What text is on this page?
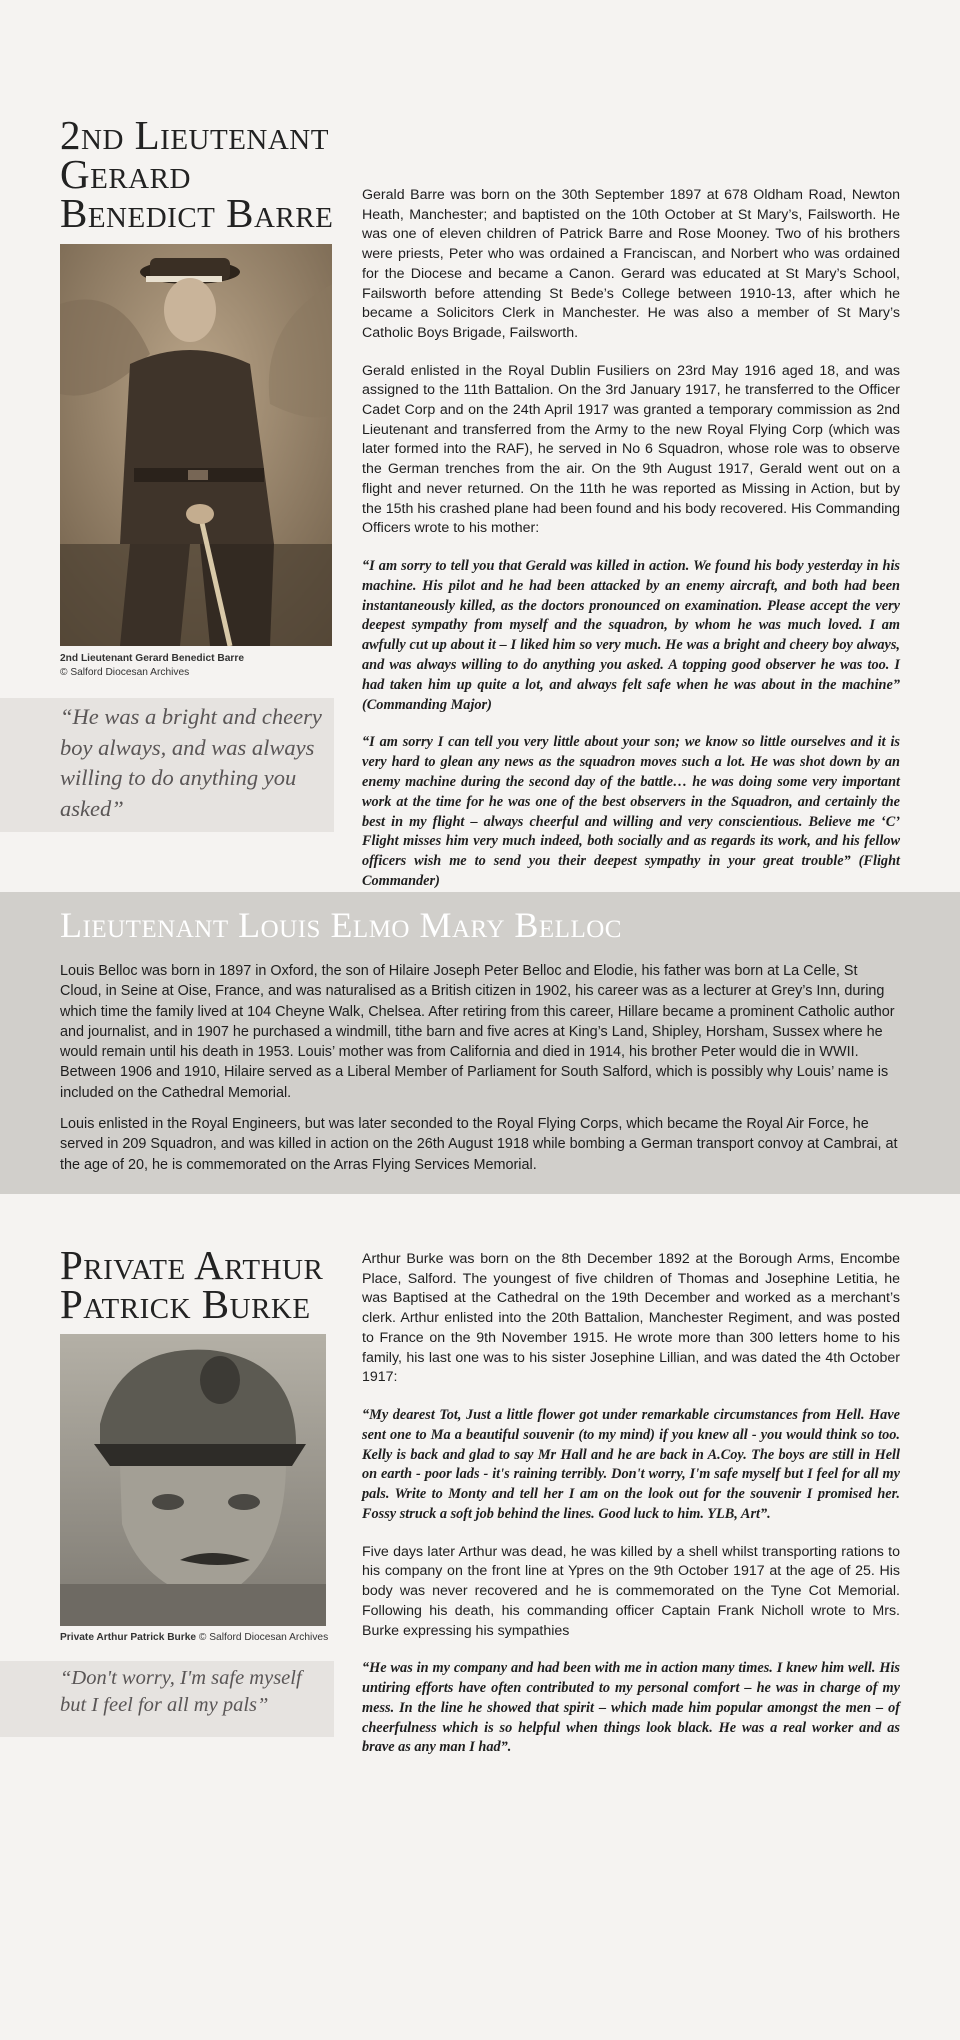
2nd Lieutenant
Gerard
Benedict Barre

2nd Lieutenant Gerard Benedict Barre
© Salford Diocesan Archives

“He was a bright and cheery boy always, and was always willing to do anything you asked”

Gerald Barre was born on the 30th September 1897 at 678 Oldham Road, Newton Heath, Manchester; and baptisted on the 10th October at St Mary’s, Failsworth. He was one of eleven children of Patrick Barre and Rose Mooney. Two of his brothers were priests, Peter who was ordained a Franciscan, and Norbert who was ordained for the Diocese and became a Canon. Gerard was educated at St Mary’s School, Failsworth before attending St Bede’s College between 1910-13, after which he became a Solicitors Clerk in Manchester. He was also a member of St Mary’s Catholic Boys Brigade, Failsworth.

Gerald enlisted in the Royal Dublin Fusiliers on 23rd May 1916 aged 18, and was assigned to the 11th Battalion. On the 3rd January 1917, he transferred to the Officer Cadet Corp and on the 24th April 1917 was granted a temporary commission as 2nd Lieutenant and transferred from the Army to the new Royal Flying Corp (which was later formed into the RAF), he served in No 6 Squadron, whose role was to observe the German trenches from the air. On the 9th August 1917, Gerald went out on a flight and never returned. On the 11th he was reported as Missing in Action, but by the 15th his crashed plane had been found and his body recovered. His Commanding Officers wrote to his mother:

“I am sorry to tell you that Gerald was killed in action. We found his body yesterday in his machine. His pilot and he had been attacked by an enemy aircraft, and both had been instantaneously killed, as the doctors pronounced on examination. Please accept the very deepest sympathy from myself and the squadron, by whom he was much loved. I am awfully cut up about it – I liked him so very much. He was a bright and cheery boy always, and was always willing to do anything you asked. A topping good observer he was too. I had taken him up quite a lot, and always felt safe when he was about in the machine” (Commanding Major)

“I am sorry I can tell you very little about your son; we know so little ourselves and it is very hard to glean any news as the squadron moves such a lot. He was shot down by an enemy machine during the second day of the battle… he was doing some very important work at the time for he was one of the best observers in the Squadron, and certainly the best in my flight – always cheerful and willing and very conscientious. Believe me ‘C’ Flight misses him very much indeed, both socially and as regards its work, and his fellow officers wish me to send you their deepest sympathy in your great trouble” (Flight Commander)

Lieutenant Louis Elmo Mary Belloc

Louis Belloc was born in 1897 in Oxford, the son of Hilaire Joseph Peter Belloc and Elodie, his father was born at La Celle, St Cloud, in Seine at Oise, France, and was naturalised as a British citizen in 1902, his career was as a lecturer at Grey’s Inn, during which time the family lived at 104 Cheyne Walk, Chelsea. After retiring from this career, Hillare became a prominent Catholic author and journalist, and in 1907 he purchased a windmill, tithe barn and five acres at King’s Land, Shipley, Horsham, Sussex where he would remain until his death in 1953. Louis’ mother was from California and died in 1914, his brother Peter would die in WWII. Between 1906 and 1910, Hilaire served as a Liberal Member of Parliament for South Salford, which is possibly why Louis’ name is included on the Cathedral Memorial.

Louis enlisted in the Royal Engineers, but was later seconded to the Royal Flying Corps, which became the Royal Air Force, he served in 209 Squadron, and was killed in action on the 26th August 1918 while bombing a German transport convoy at Cambrai, at the age of 20, he is commemorated on the Arras Flying Services Memorial.

Private Arthur
Patrick Burke

Private Arthur Patrick Burke © Salford Diocesan Archives

“Don't worry, I'm safe myself but I feel for all my pals”

Arthur Burke was born on the 8th December 1892 at the Borough Arms, Encombe Place, Salford. The youngest of five children of Thomas and Josephine Letitia, he was Baptised at the Cathedral on the 19th December and worked as a merchant’s clerk. Arthur enlisted into the 20th Battalion, Manchester Regiment, and was posted to France on the 9th November 1915. He wrote more than 300 letters home to his family, his last one was to his sister Josephine Lillian, and was dated the 4th October 1917:

“My dearest Tot, Just a little flower got under remarkable circumstances from Hell. Have sent one to Ma a beautiful souvenir (to my mind) if you knew all - you would think so too. Kelly is back and glad to say Mr Hall and he are back in A.Coy. The boys are still in Hell on earth - poor lads - it's raining terribly. Don't worry, I'm safe myself but I feel for all my pals. Write to Monty and tell her I am on the look out for the souvenir I promised her. Fossy struck a soft job behind the lines. Good luck to him. YLB, Art”.

Five days later Arthur was dead, he was killed by a shell whilst transporting rations to his company on the front line at Ypres on the 9th October 1917 at the age of 25. His body was never recovered and he is commemorated on the Tyne Cot Memorial. Following his death, his commanding officer Captain Frank Nicholl wrote to Mrs. Burke expressing his sympathies

“He was in my company and had been with me in action many times. I knew him well. His untiring efforts have often contributed to my personal comfort – he was in charge of my mess. In the line he showed that spirit – which made him popular amongst the men – of cheerfulness which is so helpful when things look black. He was a real worker and as brave as any man I had”.
